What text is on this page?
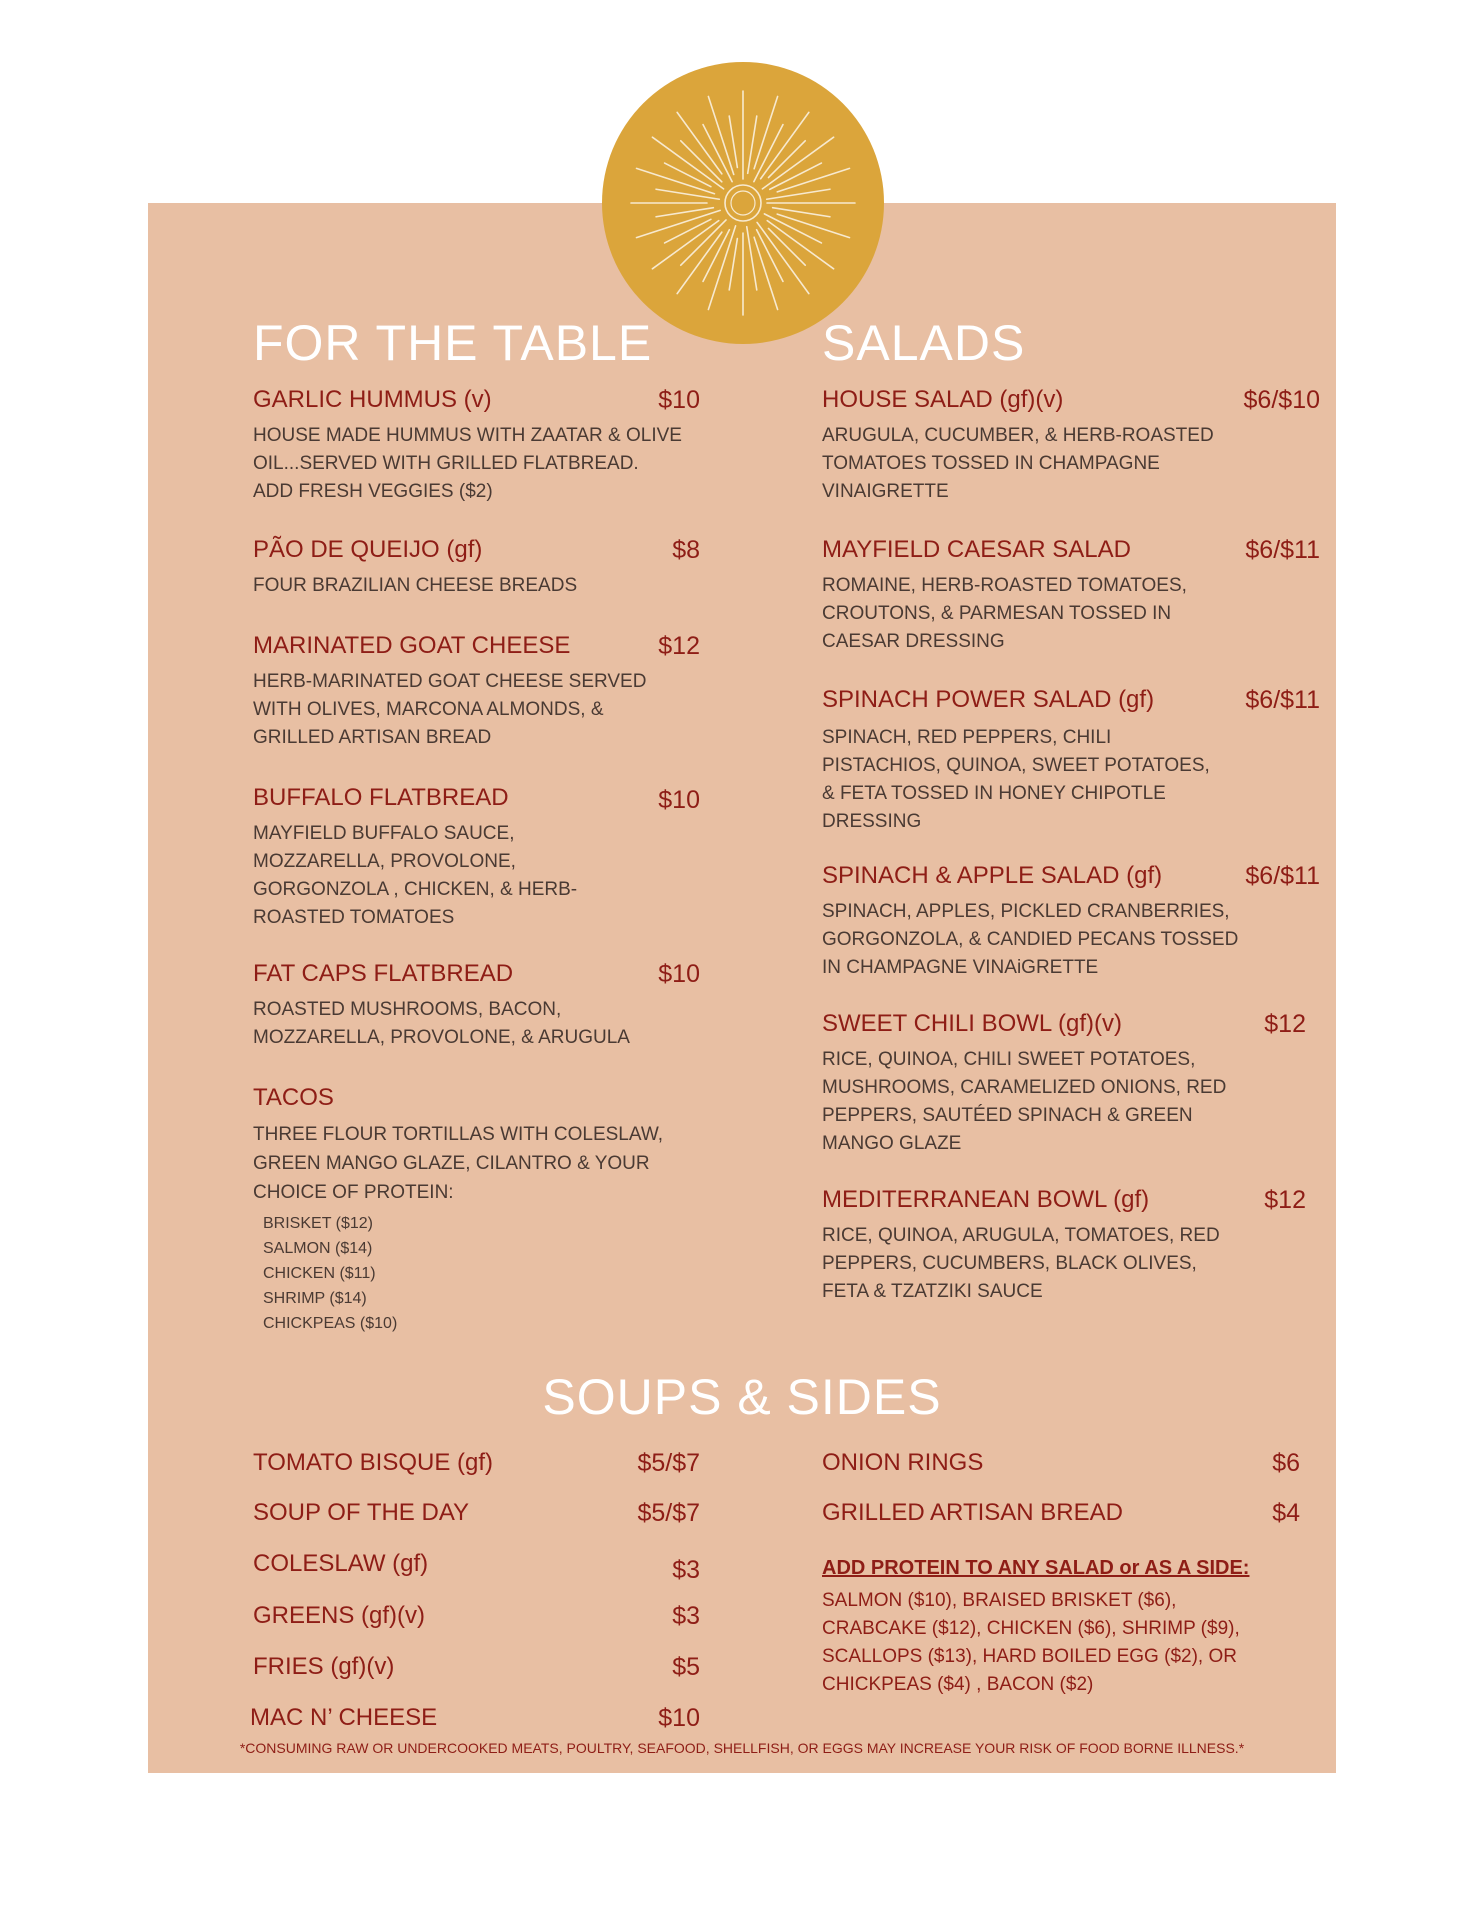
FOR THE TABLE	SALADS
SOUPS & SIDES
GARLIC HUMMUS (v)	$10

HOUSE MADE HUMMUS WITH ZAATAR & OLIVE OIL...SERVED WITH GRILLED FLATBREAD. ADD FRESH VEGGIES ($2)

PÃO DE QUEIJO (gf)	$8

FOUR BRAZILIAN CHEESE BREADS

MARINATED GOAT CHEESE	$12

HERB-MARINATED GOAT CHEESE SERVED WITH OLIVES, MARCONA ALMONDS, & GRILLED ARTISAN BREAD

BUFFALO FLATBREAD	$10

MAYFIELD BUFFALO SAUCE, MOZZARELLA, PROVOLONE, GORGONZOLA , CHICKEN, & HERB-ROASTED TOMATOES

FAT CAPS FLATBREAD	$10

ROASTED MUSHROOMS, BACON, MOZZARELLA, PROVOLONE, & ARUGULA

TACOS

THREE FLOUR TORTILLAS WITH COLESLAW, GREEN MANGO GLAZE, CILANTRO & YOUR CHOICE OF PROTEIN:

BRISKET ($12)
SALMON ($14)
CHICKEN ($11)
SHRIMP ($14)
CHICKPEAS ($10)
HOUSE SALAD (gf)(v)	$6/$10

ARUGULA, CUCUMBER, & HERB-ROASTED TOMATOES TOSSED IN CHAMPAGNE VINAIGRETTE

MAYFIELD CAESAR SALAD	$6/$11

ROMAINE, HERB-ROASTED TOMATOES, CROUTONS, & PARMESAN TOSSED IN CAESAR DRESSING

SPINACH POWER SALAD (gf)	$6/$11

SPINACH, RED PEPPERS, CHILI PISTACHIOS, QUINOA, SWEET POTATOES, & FETA TOSSED IN HONEY CHIPOTLE DRESSING

SPINACH & APPLE SALAD (gf)	$6/$11

SPINACH, APPLES, PICKLED CRANBERRIES, GORGONZOLA, & CANDIED PECANS TOSSED IN CHAMPAGNE VINAiGRETTE

SWEET CHILI BOWL (gf)(v)	$12

RICE, QUINOA, CHILI SWEET POTATOES, MUSHROOMS, CARAMELIZED ONIONS, RED PEPPERS, SAUTÉED SPINACH & GREEN MANGO GLAZE

MEDITERRANEAN BOWL (gf)	$12

RICE, QUINOA, ARUGULA, TOMATOES, RED PEPPERS, CUCUMBERS, BLACK OLIVES, FETA & TZATZIKI SAUCE

TOMATO BISQUE (gf)	$5/$7
SOUP OF THE DAY	$5/$7
COLESLAW (gf)	$3
GREENS (gf)(v)	$3
FRIES (gf)(v)	$5
MAC N’ CHEESE	$10
ONION RINGS	$6
GRILLED ARTISAN BREAD	$4
ADD PROTEIN TO ANY SALAD or AS A SIDE:

SALMON ($10), BRAISED BRISKET ($6), CRABCAKE ($12), CHICKEN ($6), SHRIMP ($9), SCALLOPS ($13), HARD BOILED EGG ($2), OR CHICKPEAS ($4) , BACON ($2)

*CONSUMING RAW OR UNDERCOOKED MEATS, POULTRY, SEAFOOD, SHELLFISH, OR EGGS MAY INCREASE YOUR RISK OF FOOD BORNE ILLNESS.*
